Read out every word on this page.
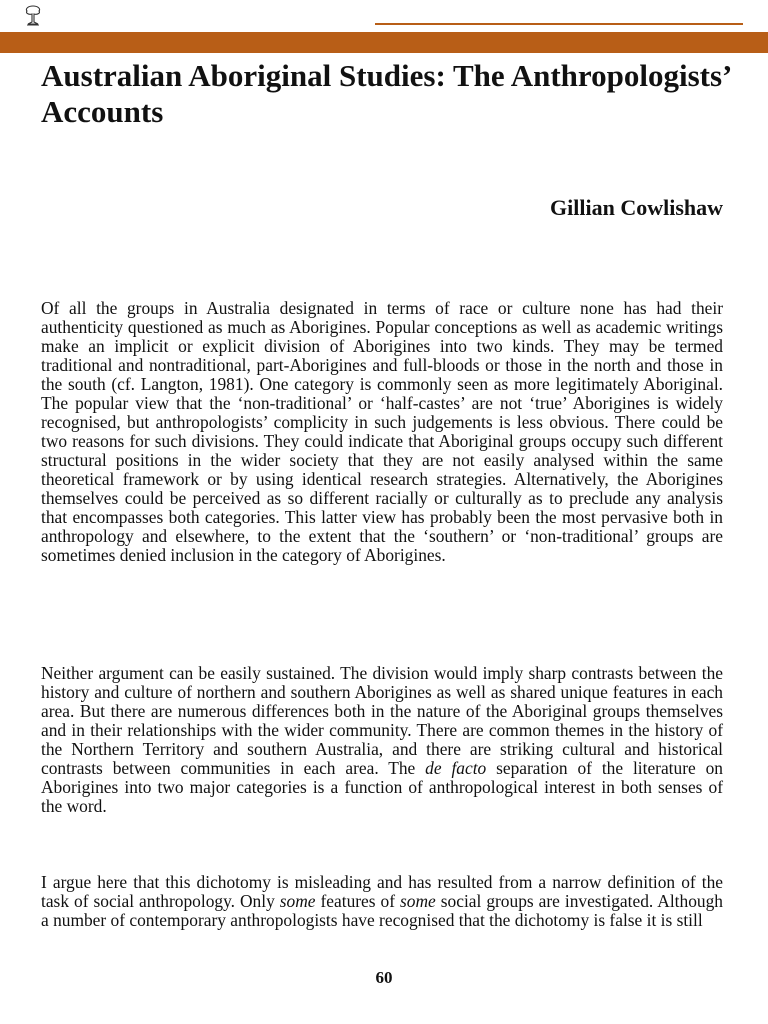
Australian Aboriginal Studies: The Anthropologists’ Accounts
Gillian Cowlishaw

Of all the groups in Australia designated in terms of race or culture none has had their authenticity questioned as much as Aborigines. Popular conceptions as well as academic writings make an implicit or explicit division of Aborigines into two kinds. They may be termed traditional and nontraditional, part-Aborigines and full-bloods or those in the north and those in the south (cf. Langton, 1981). One category is commonly seen as more legitimately Aboriginal. The popular view that the ‘non-traditional’ or ‘half-castes’ are not ‘true’ Aborigines is widely recognised, but anthropologists’ complicity in such judgements is less obvious. There could be two reasons for such divisions. They could indicate that Aboriginal groups occupy such different structural positions in the wider society that they are not easily analysed within the same theoretical framework or by using identical research strategies. Alternatively, the Aborigines themselves could be perceived as so different racially or culturally as to preclude any analysis that encompasses both categories. This latter view has probably been the most pervasive both in anthropology and elsewhere, to the extent that the ‘southern’ or ‘non-traditional’ groups are sometimes denied inclusion in the category of Aborigines.

Neither argument can be easily sustained. The division would imply sharp contrasts between the history and culture of northern and southern Aborigines as well as shared unique features in each area. But there are numerous differences both in the nature of the Aboriginal groups themselves and in their relationships with the wider community. There are common themes in the history of the Northern Territory and southern Australia, and there are striking cultural and historical contrasts between communities in each area. The de facto separation of the literature on Aborigines into two major categories is a function of anthropological interest in both senses of the word.

I argue here that this dichotomy is misleading and has resulted from a narrow definition of the task of social anthropology. Only some features of some social groups are investigated. Although a number of contemporary anthropologists have recognised that the dichotomy is false it is still

60
